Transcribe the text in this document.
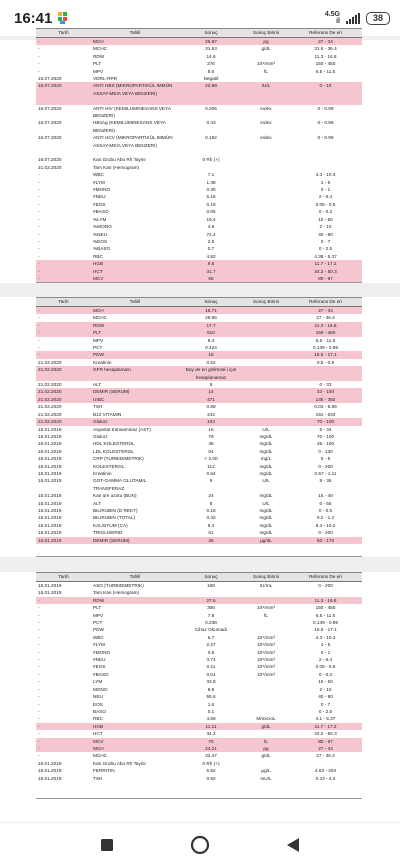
16:41	4.5G
il	38
Tarih	Tahlil	Sonuç	Sonuç Birimi	Referans De eri
-	MCH	26.87	pg	27 - 34
-	MCHC	31.53	g/dL	31.6 - 36.4
-	RDW	14.6		11.3 - 16.8
-	PLT	276	10⁹/mm³	150 - 450
-	MPV	8.6	fL	6.5 - 11.6
16.07.2020	VDRL-RPR	Negatif		
16.07.2020	ANTI HBS (MIKROPARTIKÜL IMMÜN ASSAY-MEIA VEYA BENZERI)	22.89	IU/L	0 - 10
16.07.2020	ANTI HIV (KEMILUMINESANS VEYA BENZERI)	0.205	index	0 - 0.99
16.07.2020	HBsAg (KEMILUMINESANS VEYA BENZERI)	0.43	index	0 - 0.99
16.07.2020	ANTI HCV (MIKROPARTIKÜL IMMÜN ASSAY-MEIA VEYA BENZERI)	0.192	index	0 - 0.99
16.07.2020	Kan Grubu Abo Rh Tayini	0 Rh (+)		
21.02.2020	Tam Kan (Hemogram)			
-	WBC	7.1		4.3 - 10.3
-	#LYM	1.38		1 - 5
-	#MONO	0.35		0 - 1
-	#NEU	5.15		2 - 6.4
-	#EOS	0.18		0.05 - 0.5
-	#BASO	0.05		0 - 0.2
-	%LYM	19.4		10 - 50
-	%MONO	4.9		2 - 10
-	%NEU	72.4		40 - 80
-	%EOS	2.6		0 - 7
-	%BASO	0.7		0 - 2.5
-	RBC	4.82		4.38 - 5.37
-	HGB	9.5		11.7 - 17.2
-	HCT	31.7		34.2 - 50.3
-	MCV	66		80 - 97
Tarih	Tahlil	Sonuç	Sonuç Birimi	Referans De eri
-	MCH	18.71		27 - 34
-	MCHC	29.96		27 - 36.4
-	RDW	17.7		11.3 - 16.8
-	PLT	510		150 - 450
-	MPV	8.3		6.5 - 11.6
-	PCT	0.424		0.139 - 0.99
-	PDW	15		15.5 - 17.1
21.02.2020	Kreatinin	0.52		0.5 - 0.9
21.02.2020	GFR hesaplaması	Boy de eri girilmedi i için hesaplanamaz		
21.02.2020	ALT	9		0 - 33
21.02.2020	DEMIR (SERUM)	14		33 - 193
21.02.2020	UIBC	471		135 - 392
21.02.2020	TSH	0.88		0.03 - 8.89
21.02.2020	B12 VITAMIN	244		191 - 633
21.02.2020	Glukoz	103		70 - 100
15.01.2019	Aspartat transaminaz (AST)	16	U/L	5 - 34
15.01.2019	Glukoz	78	mg/dL	70 - 100
15.01.2019	HDL KOLESTEROL	46	mg/dL	45 - 100
15.01.2019	LDL KOLESTEROL	54	mg/dL	0 - 130
15.01.2019	CRP (TURBIDIMETRIK)	< 2.00	mg/L	0 - 5
15.01.2019	KOLESTEROL	112	mg/dL	0 - 200
15.01.2019	Kreatinin	0.64	mg/dL	0.57 - 1.11
15.01.2019	GGT-GAMMA GLUTAMIL TRANSFERAZ	9	U/L	9 - 36
15.01.2019	Kan üre azotu (BUN)	24	mg/dL	15 - 40
15.01.2019	ALT	8	U/L	0 - 55
15.01.2019	BILIRUBIN (D REKT)	0.18	mg/dL	0 - 0.5
15.01.2019	BILIRUBIN (TOTAL)	0.42	mg/dL	0.2 - 1.2
15.01.2019	KALSIYUM (CA)	9.4	mg/dL	8.4 - 10.2
15.01.2019	TRIGLISERID	61	mg/dL	0 - 200
15.01.2019	DEMIR (SERUM)	26	µg/dL	50 - 170
Tarih	Tahlil	Sonuç	Sonuç Birimi	Referans De eri
15.01.2019	ASO (TURBIDIMETRIK)	168	IU/mL	0 - 200
15.01.2019	Tam Kan (Hemogram)			
-	RDW	27.6		11.3 - 16.8
-	PLT	306	10⁹/mm³	150 - 450
-	MPV	7.8	fL	6.5 - 11.6
-	PCT	0.238		0.139 - 0.99
-	PDW	Cihaz Okumadı		15.5 - 17.1
-	WBC	6.7	10⁹/mm³	4.3 - 10.3
-	#LYM	2.27	10⁹/mm³	1 - 5
-	#MONO	0.6	10⁹/mm³	0 - 1
-	#NEU	3.74	10⁹/mm³	2 - 6.4
-	#EOS	0.11	10⁹/mm³	0.05 - 0.5
-	#BASO	0.01	10⁹/mm³	0 - 0.2
-	LYM	33.8		10 - 50
-	MONO	8.9		2 - 10
-	NEU	55.6		40 - 80
-	EOS	1.6		0 - 7
-	BASO	0.1		0 - 2.5
-	RBC	4.59	M/microL	4.1 - 5.37
-	HGB	11.11	g/dL	11.7 - 17.2
-	HCT	34.2		34.2 - 50.3
-	MCV	75	fL	80 - 97
-	MCH	24.21	pg	27 - 34
-	MCHC	32.47	g/dL	27 - 36.4
15.01.2019	Kan Grubu Abo Rh Tayini	0 Rh (+)		
15.01.2019	FERRITIN	5.82	µg/L	4.63 - 204
15.01.2019	TSH	0.92	mU/L	0.43 - 4.2
